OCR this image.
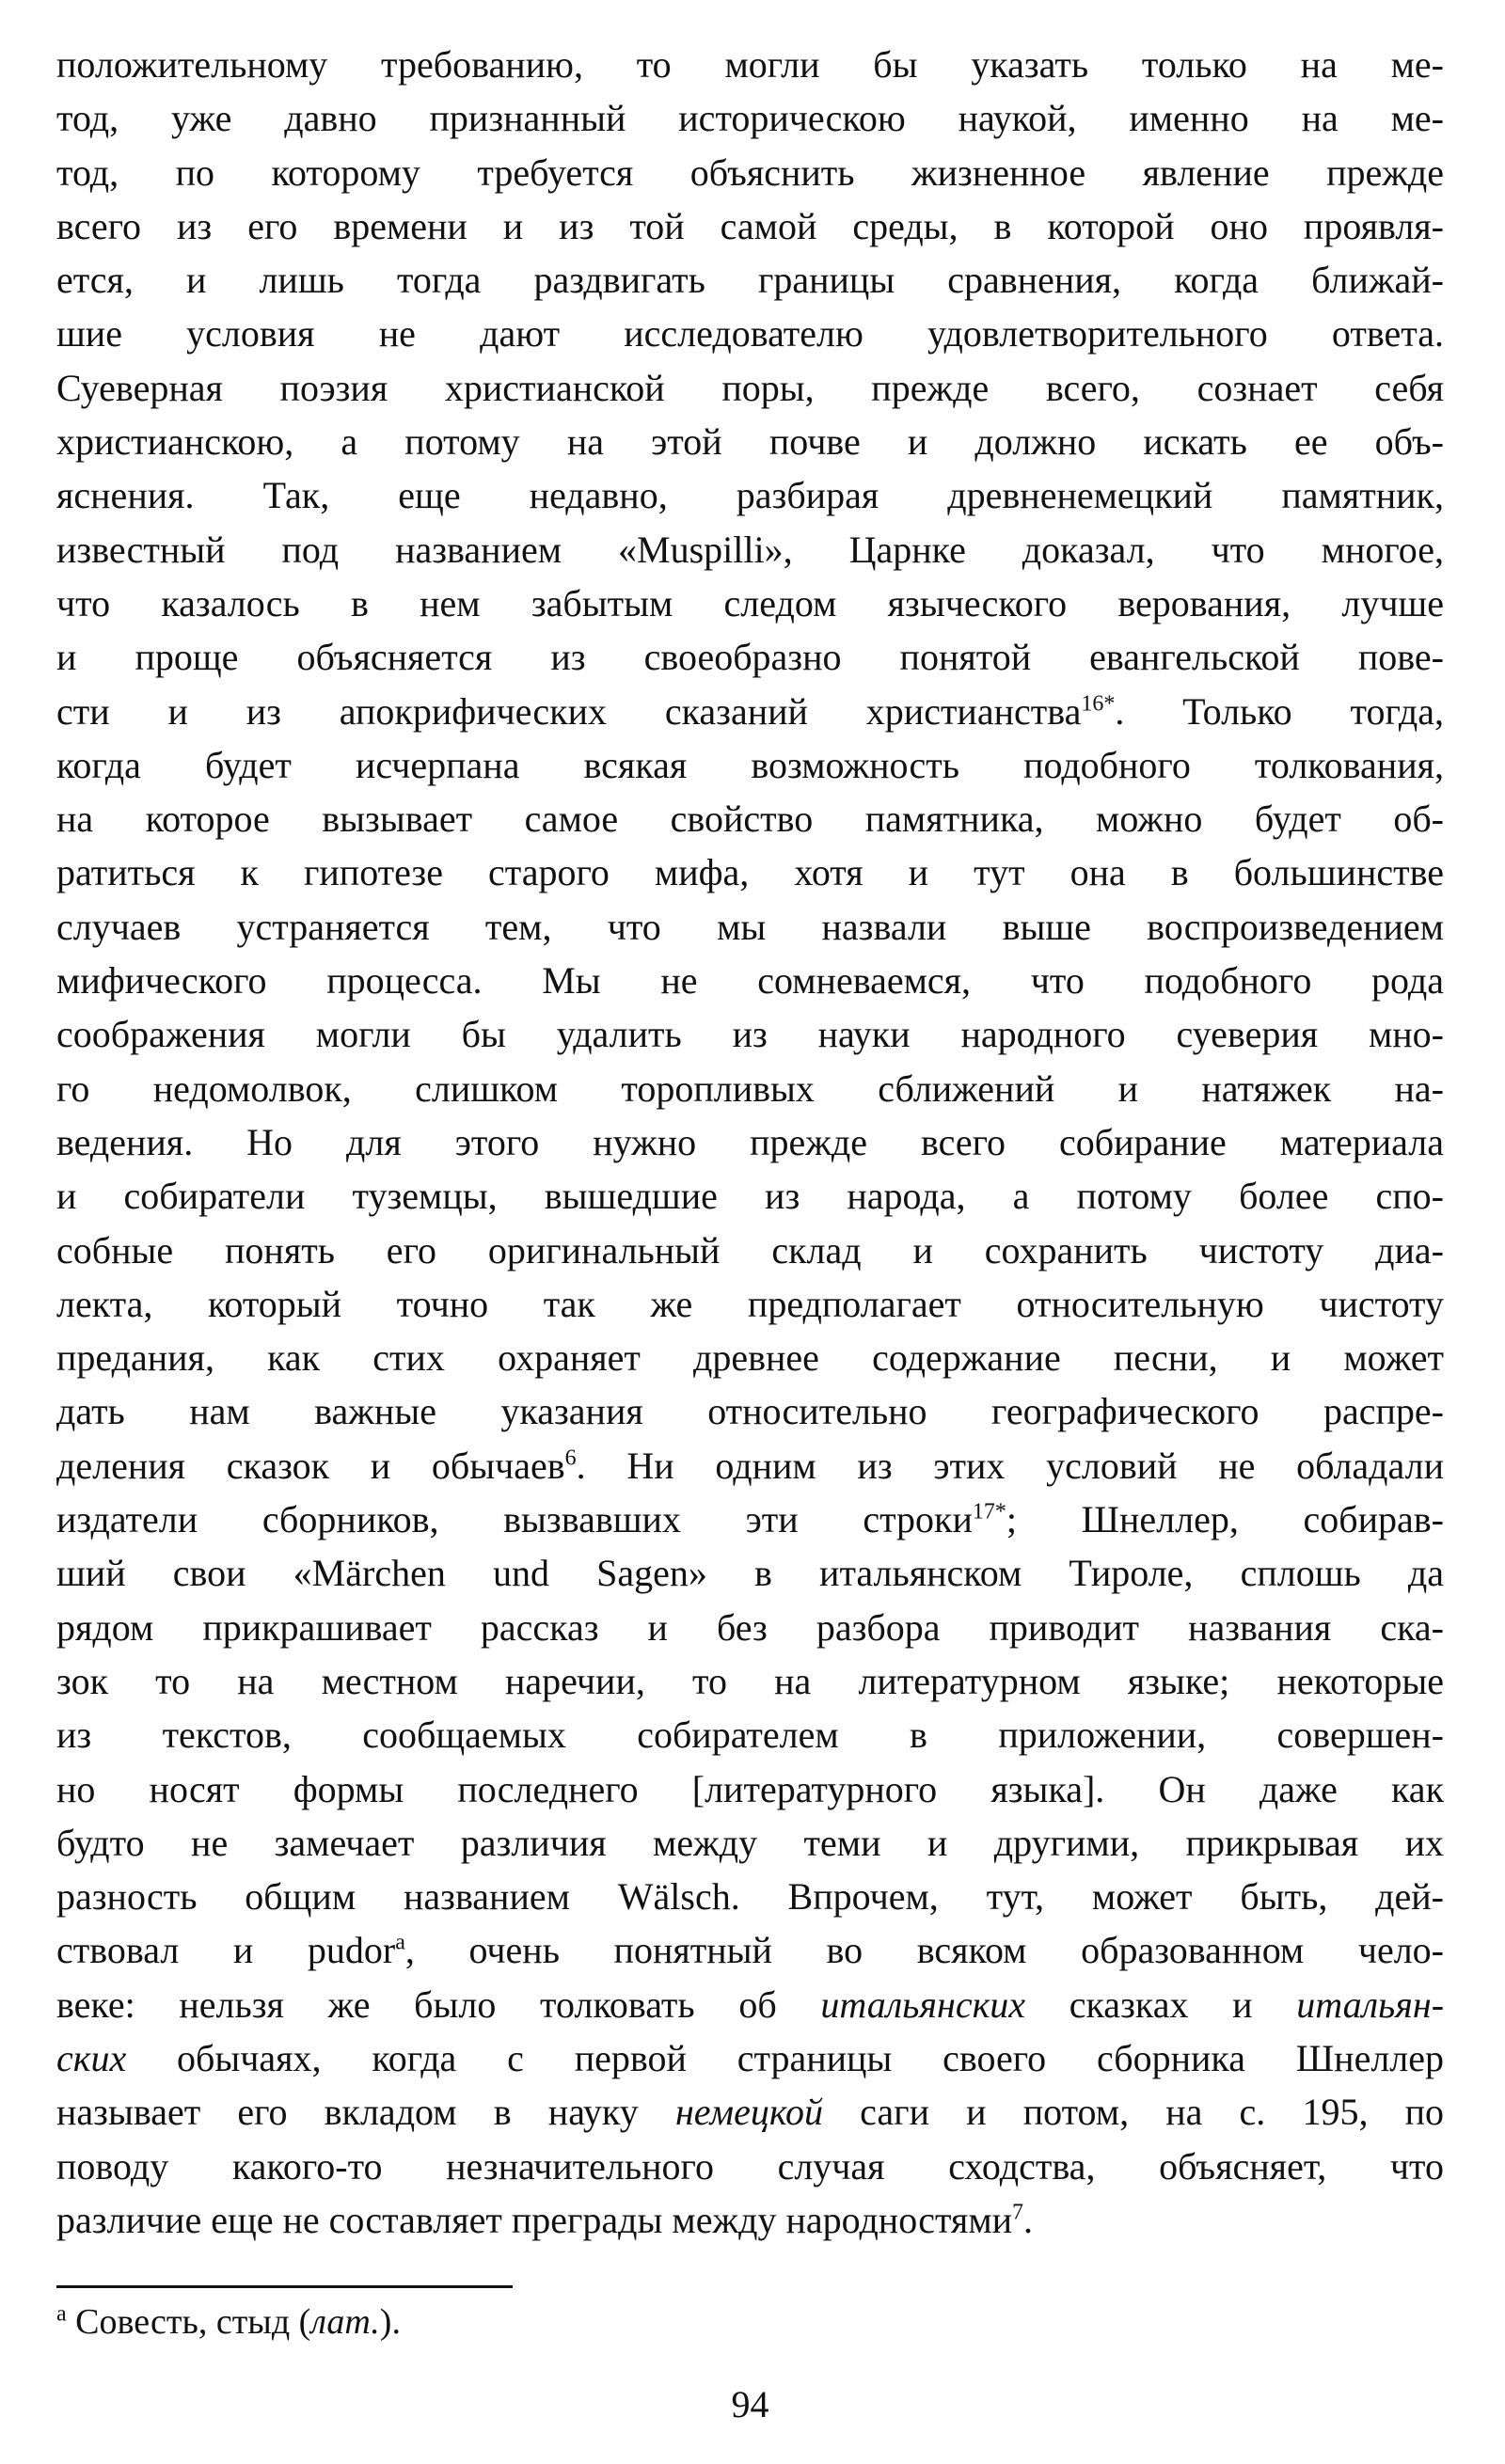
положительному требованию, то могли бы указать только на ме-
тод, уже давно признанный историческою наукой, именно на ме-
тод, по которому требуется объяснить жизненное явление прежде
всего из его времени и из той самой среды, в которой оно проявля-
ется, и лишь тогда раздвигать границы сравнения, когда ближай-
шие условия не дают исследователю удовлетворительного ответа.
Суеверная поэзия христианской поры, прежде всего, сознает себя
христианскою, а потому на этой почве и должно искать ее объ-
яснения. Так, еще недавно, разбирая древненемецкий памятник,
известный под названием «Muspilli», Царнке доказал, что многое,
что казалось в нем забытым следом языческого верования, лучше
и проще объясняется из своеобразно понятой евангельской пове-
сти и из апокрифических сказаний христианства$^{16*}$. Только тогда,
когда будет исчерпана всякая возможность подобного толкования,
на которое вызывает самое свойство памятника, можно будет об-
ратиться к гипотезе старого мифа, хотя и тут она в большинстве
случаев устраняется тем, что мы назвали выше воспроизведением
мифического процесса. Мы не сомневаемся, что подобного рода
соображения могли бы удалить из науки народного суеверия мно-
го недомолвок, слишком торопливых сближений и натяжек на-
ведения. Но для этого нужно прежде всего собирание материала
и собиратели туземцы, вышедшие из народа, а потому более спо-
собные понять его оригинальный склад и сохранить чистоту диа-
лекта, который точно так же предполагает относительную чистоту
предания, как стих охраняет древнее содержание песни, и может
дать нам важные указания относительно географического распре-
деления сказок и обычаев$^6$. Ни одним из этих условий не обладали
издатели сборников, вызвавших эти строки$^{17*}$; Шнеллер, собирав-
ший свои «Märchen und Sagen» в итальянском Тироле, сплошь да
рядом прикрашивает рассказ и без разбора приводит названия ска-
зок то на местном наречии, то на литературном языке; некоторые
из текстов, сообщаемых собирателем в приложении, совершен-
но носят формы последнего [литературного языка]. Он даже как
будто не замечает различия между теми и другими, прикрывая их
разность общим названием Wälsch. Впрочем, тут, может быть, дей-
ствовал и pudor$^a$, очень понятный во всяком образованном чело-
веке: нельзя же было толковать об итальянских сказках и итальян-
ских обычаях, когда с первой страницы своего сборника Шнеллер
называет его вкладом в науку немецкой саги и потом, на с. 195, по
поводу какого-то незначительного случая сходства, объясняет, что
различие еще не составляет преграды между народностями$^7$.

$^a$ Совесть, стыд (лат.).

94
